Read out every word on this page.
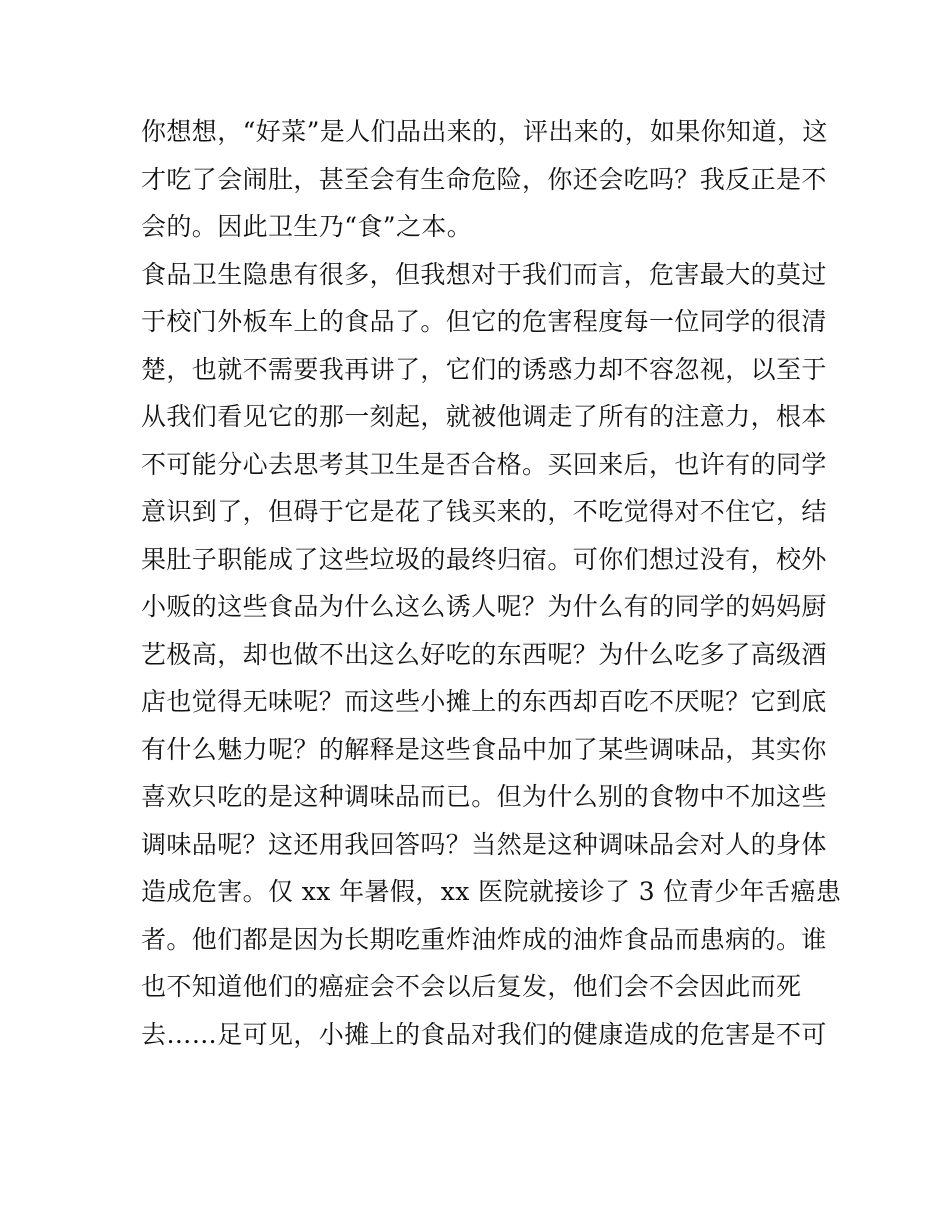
你想想，“好菜”是人们品出来的，评出来的，如果你知道，这
才吃了会闹肚，甚至会有生命危险，你还会吃吗？我反正是不
会的。因此卫生乃“食”之本。
食品卫生隐患有很多，但我想对于我们而言，危害最大的莫过
于校门外板车上的食品了。但它的危害程度每一位同学的很清
楚，也就不需要我再讲了，它们的诱惑力却不容忽视，以至于
从我们看见它的那一刻起，就被他调走了所有的注意力，根本
不可能分心去思考其卫生是否合格。买回来后，也许有的同学
意识到了，但碍于它是花了钱买来的，不吃觉得对不住它，结
果肚子职能成了这些垃圾的最终归宿。可你们想过没有，校外
小贩的这些食品为什么这么诱人呢？为什么有的同学的妈妈厨
艺极高，却也做不出这么好吃的东西呢？为什么吃多了高级酒
店也觉得无味呢？而这些小摊上的东西却百吃不厌呢？它到底
有什么魅力呢？的解释是这些食品中加了某些调味品，其实你
喜欢只吃的是这种调味品而已。但为什么别的食物中不加这些
调味品呢？这还用我回答吗？当然是这种调味品会对人的身体
造成危害。仅 xx 年暑假，xx 医院就接诊了 3 位青少年舌癌患
者。他们都是因为长期吃重炸油炸成的油炸食品而患病的。谁
也不知道他们的癌症会不会以后复发，他们会不会因此而死
去……足可见，小摊上的食品对我们的健康造成的危害是不可
